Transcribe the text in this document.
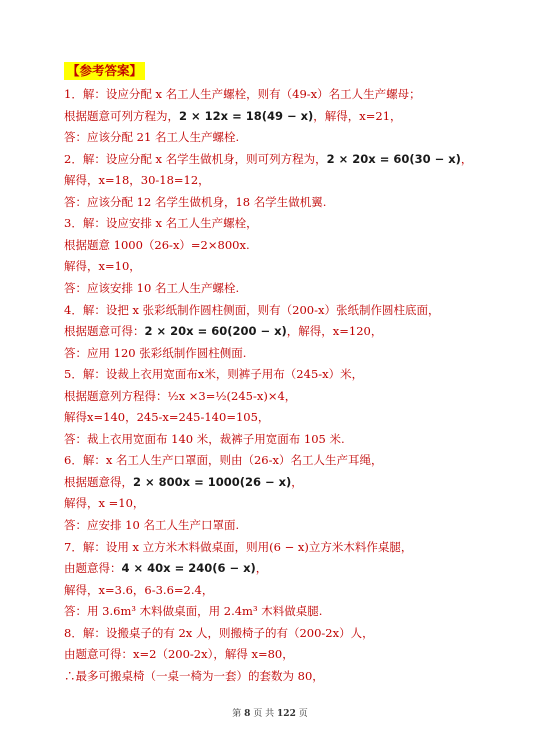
【参考答案】
1．解：设应分配 x 名工人生产螺栓，则有（49-x）名工人生产螺母；
根据题意可列方程为，2 × 12x = 18(49 − x)，解得，x=21，
答：应该分配 21 名工人生产螺栓.
2．解：设应分配 x 名学生做机身，则可列方程为，2 × 20x = 60(30 − x)，
解得，x=18，30-18=12，
答：应该分配 12 名学生做机身，18 名学生做机翼.
3．解：设应安排 x 名工人生产螺栓，
根据题意 1000（26-x）=2×800x.
解得，x=10，
答：应该安排 10 名工人生产螺栓.
4．解：设把 x 张彩纸制作圆柱侧面，则有（200-x）张纸制作圆柱底面，
根据题意可得：2 × 20x = 60(200 − x)，解得，x=120，
答：应用 120 张彩纸制作圆柱侧面.
5．解：设裁上衣用宽面布x米，则裤子用布（245-x）米，
根据题意列方程得：½x ×3=½(245-x)×4，
解得x=140，245-x=245-140=105，
答：裁上衣用宽面布 140 米，裁裤子用宽面布 105 米.
6．解：x 名工人生产口罩面，则由（26-x）名工人生产耳绳，
根据题意得，2 × 800x = 1000(26 − x)，
解得，x =10，
答：应安排 10 名工人生产口罩面.
7．解：设用 x 立方米木料做桌面，则用(6 − x)立方米木料作桌腿，
由题意得：4 × 40x = 240(6 − x)，
解得，x=3.6，6-3.6=2.4，
答：用 3.6m³ 木料做桌面，用 2.4m³ 木料做桌腿.
8．解：设搬桌子的有 2x 人，则搬椅子的有（200-2x）人，
由题意可得：x=2（200-2x），解得 x=80，
∴最多可搬桌椅（一桌一椅为一套）的套数为 80，
第 8 页 共 122 页
